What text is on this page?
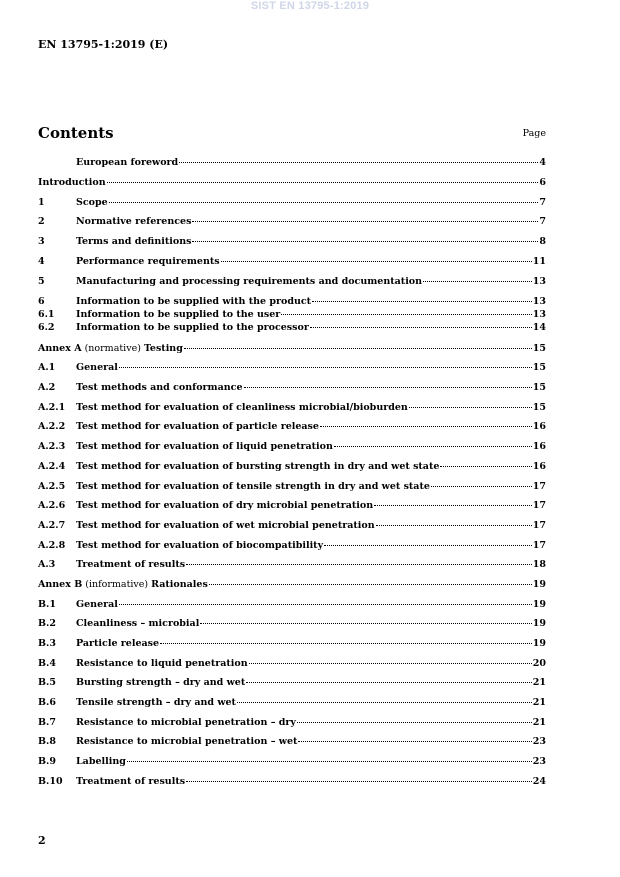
SIST EN 13795-1:2019
EN 13795-1:2019 (E)
Contents	Page
European foreword	4
Introduction	6
1	Scope	7
2	Normative references	7
3	Terms and definitions	8
4	Performance requirements	11
5	Manufacturing and processing requirements and documentation	13
6	Information to be supplied with the product	13
6.1	Information to be supplied to the user	13
6.2	Information to be supplied to the processor	14
Annex A (normative) Testing	15
A.1	General	15
A.2	Test methods and conformance	15
A.2.1	Test method for evaluation of cleanliness microbial/bioburden	15
A.2.2	Test method for evaluation of particle release	16
A.2.3	Test method for evaluation of liquid penetration	16
A.2.4	Test method for evaluation of bursting strength in dry and wet state	16
A.2.5	Test method for evaluation of tensile strength in dry and wet state	17
A.2.6	Test method for evaluation of dry microbial penetration	17
A.2.7	Test method for evaluation of wet microbial penetration	17
A.2.8	Test method for evaluation of biocompatibility	17
A.3	Treatment of results	18
Annex B (informative) Rationales	19
B.1	General	19
B.2	Cleanliness – microbial	19
B.3	Particle release	19
B.4	Resistance to liquid penetration	20
B.5	Bursting strength – dry and wet	21
B.6	Tensile strength – dry and wet	21
B.7	Resistance to microbial penetration – dry	21
B.8	Resistance to microbial penetration – wet	23
B.9	Labelling	23
B.10	Treatment of results	24
2
